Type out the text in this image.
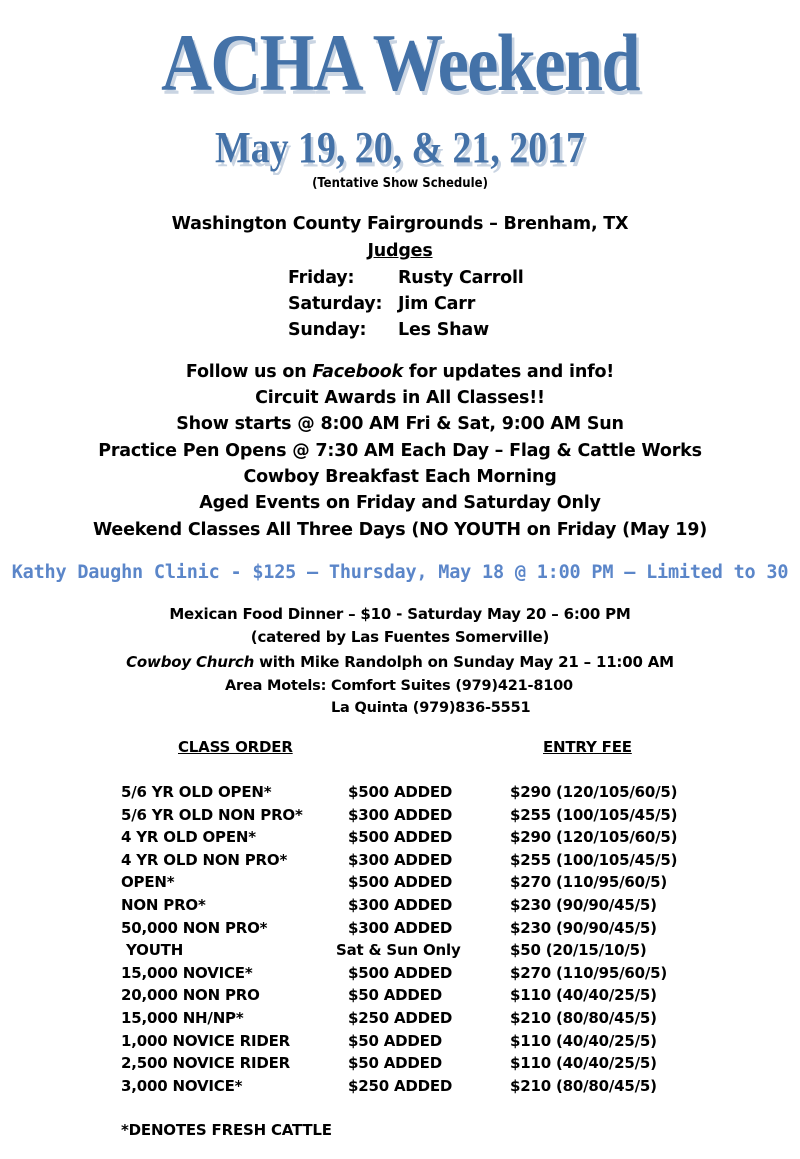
ACHA Weekend
May 19, 20, & 21, 2017
(Tentative Show Schedule)
Washington County Fairgrounds – Brenham, TX
Judges
Friday: Rusty Carroll
Saturday: Jim Carr
Sunday: Les Shaw
Follow us on Facebook for updates and info!
Circuit Awards in All Classes!!
Show starts @ 8:00 AM Fri & Sat, 9:00 AM Sun
Practice Pen Opens @ 7:30 AM Each Day – Flag & Cattle Works
Cowboy Breakfast Each Morning
Aged Events on Friday and Saturday Only
Weekend Classes All Three Days (NO YOUTH on Friday (May 19)
Kathy Daughn Clinic - $125 – Thursday, May 18 @ 1:00 PM – Limited to 30
Mexican Food Dinner – $10 - Saturday May 20 – 6:00 PM
(catered by Las Fuentes Somerville)
Cowboy Church with Mike Randolph on Sunday May 21 – 11:00 AM
Area Motels: Comfort Suites (979)421-8100
La Quinta (979)836-5551
CLASS ORDER	ENTRY FEE
5/6 YR OLD OPEN*	$500 ADDED	$290 (120/105/60/5)
5/6 YR OLD NON PRO*	$300 ADDED	$255 (100/105/45/5)
4 YR OLD OPEN*	$500 ADDED	$290 (120/105/60/5)
4 YR OLD NON PRO*	$300 ADDED	$255 (100/105/45/5)
OPEN*	$500 ADDED	$270 (110/95/60/5)
NON PRO*	$300 ADDED	$230 (90/90/45/5)
50,000 NON PRO*	$300 ADDED	$230 (90/90/45/5)
YOUTH	Sat & Sun Only	$50 (20/15/10/5)
15,000 NOVICE*	$500 ADDED	$270 (110/95/60/5)
20,000 NON PRO	$50 ADDED	$110 (40/40/25/5)
15,000 NH/NP*	$250 ADDED	$210 (80/80/45/5)
1,000 NOVICE RIDER	$50 ADDED	$110 (40/40/25/5)
2,500 NOVICE RIDER	$50 ADDED	$110 (40/40/25/5)
3,000 NOVICE*	$250 ADDED	$210 (80/80/45/5)
*DENOTES FRESH CATTLE
